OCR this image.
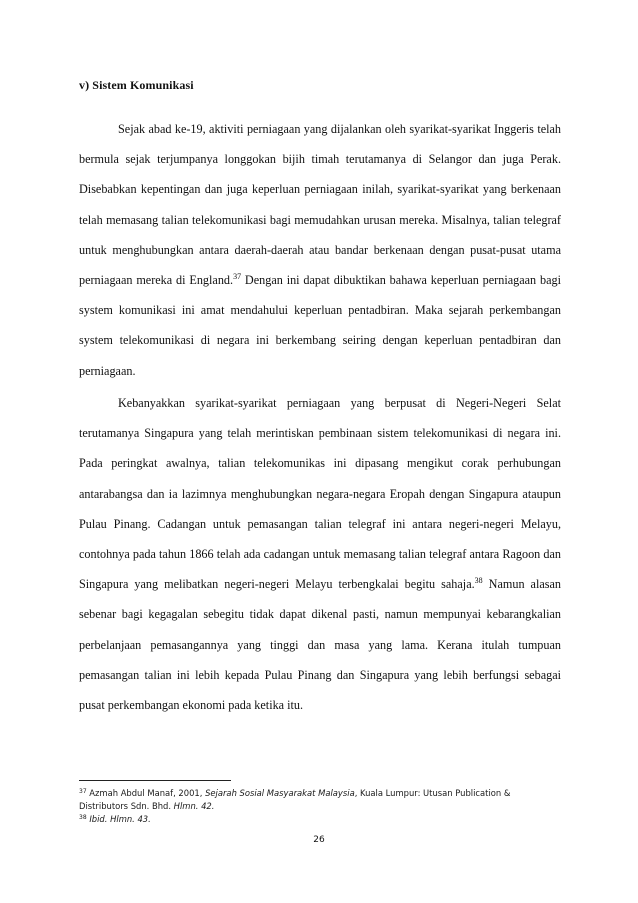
v) Sistem Komunikasi

Sejak abad ke-19, aktiviti perniagaan yang dijalankan oleh syarikat-syarikat Inggeris telah bermula sejak terjumpanya longgokan bijih timah terutamanya di Selangor dan juga Perak. Disebabkan kepentingan dan juga keperluan perniagaan inilah, syarikat-syarikat yang berkenaan telah memasang talian telekomunikasi bagi memudahkan urusan mereka. Misalnya, talian telegraf untuk menghubungkan antara daerah-daerah atau bandar berkenaan dengan pusat-pusat utama perniagaan mereka di England.$^{37}$ Dengan ini dapat dibuktikan bahawa keperluan perniagaan bagi system komunikasi ini amat mendahului keperluan pentadbiran. Maka sejarah perkembangan system telekomunikasi di negara ini berkembang seiring dengan keperluan pentadbiran dan perniagaan.

Kebanyakkan syarikat-syarikat perniagaan yang berpusat di Negeri-Negeri Selat terutamanya Singapura yang telah merintiskan pembinaan sistem telekomunikasi di negara ini. Pada peringkat awalnya, talian telekomunikas ini dipasang mengikut corak perhubungan antarabangsa dan ia lazimnya menghubungkan negara-negara Eropah dengan Singapura ataupun Pulau Pinang. Cadangan untuk pemasangan talian telegraf ini antara negeri-negeri Melayu, contohnya pada tahun 1866 telah ada cadangan untuk memasang talian telegraf antara Ragoon dan Singapura yang melibatkan negeri-negeri Melayu terbengkalai begitu sahaja.$^{38}$ Namun alasan sebenar bagi kegagalan sebegitu tidak dapat dikenal pasti, namun mempunyai kebarangkalian perbelanjaan pemasangannya yang tinggi dan masa yang lama. Kerana itulah tumpuan pemasangan talian ini lebih kepada Pulau Pinang dan Singapura yang lebih berfungsi sebagai pusat perkembangan ekonomi pada ketika itu.

$^{37}$ Azmah Abdul Manaf, 2001, Sejarah Sosial Masyarakat Malaysia, Kuala Lumpur: Utusan Publication & Distributors Sdn. Bhd. Hlmn. 42.

$^{38}$ Ibid. Hlmn. 43.

26
